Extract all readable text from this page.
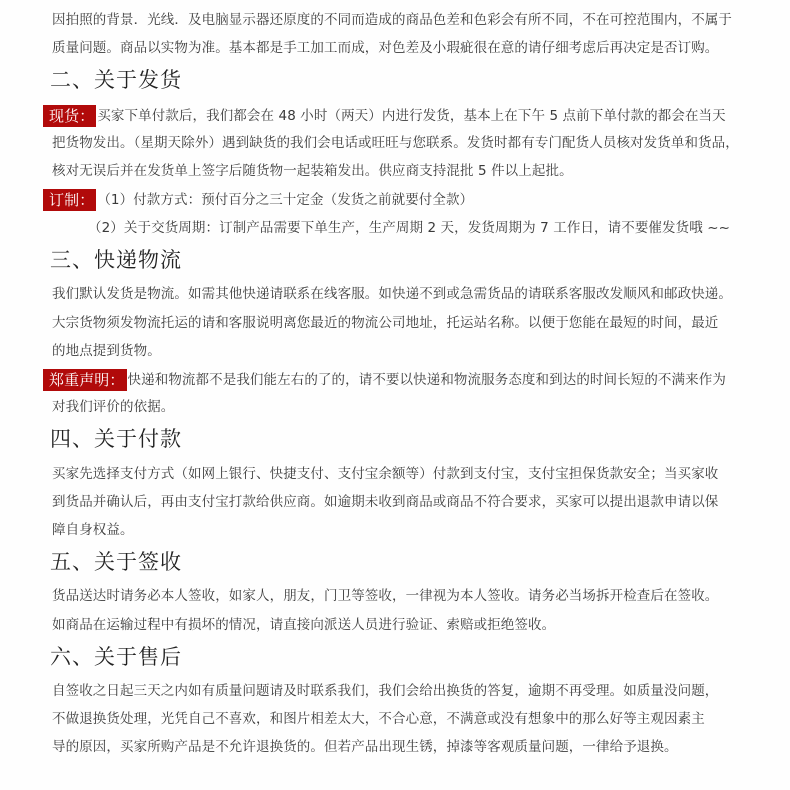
因拍照的背景．光线．及电脑显示器还原度的不同而造成的商品色差和色彩会有所不同，不在可控范围内，不属于
质量问题。商品以实物为准。基本都是手工加工而成，对色差及小瑕疵很在意的请仔细考虑后再决定是否订购。
二、关于发货
现货： 买家下单付款后，我们都会在 48 小时（两天）内进行发货，基本上在下午 5 点前下单付款的都会在当天
把货物发出。（星期天除外）遇到缺货的我们会电话或旺旺与您联系。发货时都有专门配货人员核对发货单和货品，
核对无误后并在发货单上签字后随货物一起装箱发出。供应商支持混批 5 件以上起批。
订制： （1）付款方式：预付百分之三十定金（发货之前就要付全款）
（2）关于交货周期：订制产品需要下单生产，生产周期 2 天，发货周期为 7 工作日，请不要催发货哦 ~~
三、快递物流
我们默认发货是物流。如需其他快递请联系在线客服。如快递不到或急需货品的请联系客服改发顺风和邮政快递。
大宗货物须发物流托运的请和客服说明离您最近的物流公司地址，托运站名称。以便于您能在最短的时间，最近
的地点提到货物。
郑重声明： 快递和物流都不是我们能左右的了的，请不要以快递和物流服务态度和到达的时间长短的不满来作为
对我们评价的依据。
四、关于付款
买家先选择支付方式（如网上银行、快捷支付、支付宝余额等）付款到支付宝，支付宝担保货款安全；当买家收
到货品并确认后，再由支付宝打款给供应商。如逾期未收到商品或商品不符合要求，买家可以提出退款申请以保
障自身权益。
五、关于签收
货品送达时请务必本人签收，如家人，朋友，门卫等签收，一律视为本人签收。请务必当场拆开检查后在签收。
如商品在运输过程中有损坏的情况，请直接向派送人员进行验证、索赔或拒绝签收。
六、关于售后
自签收之日起三天之内如有质量问题请及时联系我们，我们会给出换货的答复，逾期不再受理。如质量没问题，
不做退换货处理，光凭自己不喜欢，和图片相差太大，不合心意，不满意或没有想象中的那么好等主观因素主
导的原因，买家所购产品是不允许退换货的。但若产品出现生锈，掉漆等客观质量问题，一律给予退换。
